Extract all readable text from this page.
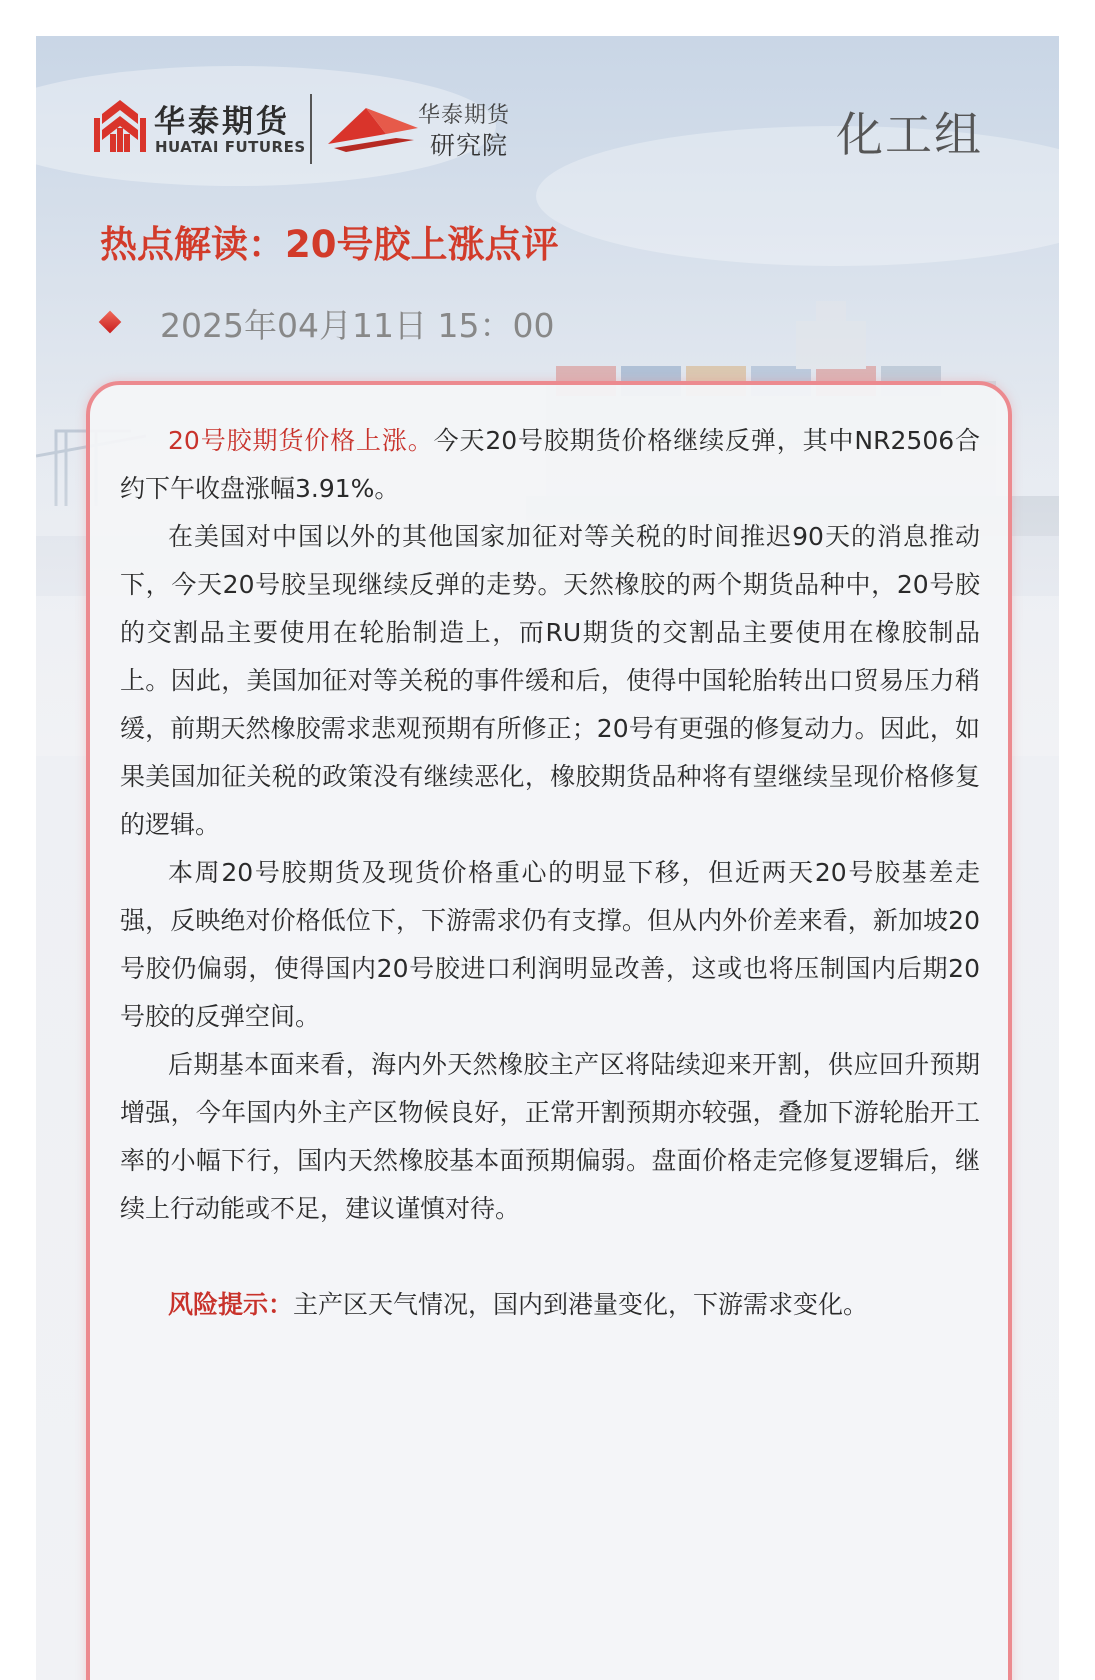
华泰期货
HUATAI FUTURES
华泰期货
研究院	化工组
热点解读：20号胶上涨点评
2025年04月11日 15：00

20号胶期货价格上涨。今天20号胶期货价格继续反弹，其中NR2506合约下午收盘涨幅3.91%。

在美国对中国以外的其他国家加征对等关税的时间推迟90天的消息推动下，今天20号胶呈现继续反弹的走势。天然橡胶的两个期货品种中，20号胶的交割品主要使用在轮胎制造上，而RU期货的交割品主要使用在橡胶制品上。因此，美国加征对等关税的事件缓和后，使得中国轮胎转出口贸易压力稍缓，前期天然橡胶需求悲观预期有所修正；20号有更强的修复动力。因此，如果美国加征关税的政策没有继续恶化，橡胶期货品种将有望继续呈现价格修复的逻辑。

本周20号胶期货及现货价格重心的明显下移，但近两天20号胶基差走强，反映绝对价格低位下，下游需求仍有支撑。但从内外价差来看，新加坡20号胶仍偏弱，使得国内20号胶进口利润明显改善，这或也将压制国内后期20号胶的反弹空间。

后期基本面来看，海内外天然橡胶主产区将陆续迎来开割，供应回升预期增强，今年国内外主产区物候良好，正常开割预期亦较强，叠加下游轮胎开工率的小幅下行，国内天然橡胶基本面预期偏弱。盘面价格走完修复逻辑后，继续上行动能或不足，建议谨慎对待。

风险提示：主产区天气情况，国内到港量变化，下游需求变化。
